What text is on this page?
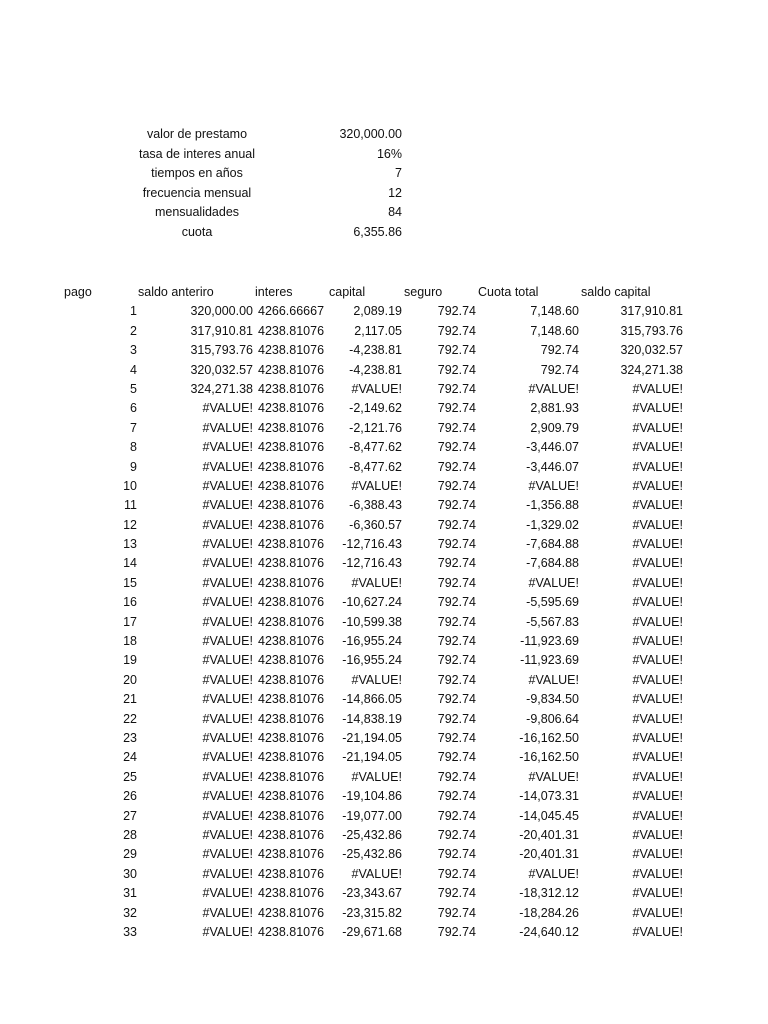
valor de prestamo	320,000.00
tasa de interes anual	16%
tiempos en años	7
frecuencia mensual	12
mensualidades	84
cuota	6,355.86
pago	saldo anteriro	interes	capital	seguro	Cuota total	saldo capital
1	320,000.00 4266.66667	2,089.19	792.74	7,148.60	317,910.81
2	317,910.81 4238.81076	2,117.05	792.74	7,148.60	315,793.76
3	315,793.76 4238.81076	-4,238.81	792.74	792.74	320,032.57
4	320,032.57 4238.81076	-4,238.81	792.74	792.74	324,271.38
5	324,271.38 4238.81076	#VALUE!	792.74	#VALUE!	#VALUE!
6	#VALUE! 4238.81076	-2,149.62	792.74	2,881.93	#VALUE!
7	#VALUE! 4238.81076	-2,121.76	792.74	2,909.79	#VALUE!
8	#VALUE! 4238.81076	-8,477.62	792.74	-3,446.07	#VALUE!
9	#VALUE! 4238.81076	-8,477.62	792.74	-3,446.07	#VALUE!
10	#VALUE! 4238.81076	#VALUE!	792.74	#VALUE!	#VALUE!
11	#VALUE! 4238.81076	-6,388.43	792.74	-1,356.88	#VALUE!
12	#VALUE! 4238.81076	-6,360.57	792.74	-1,329.02	#VALUE!
13	#VALUE! 4238.81076	-12,716.43	792.74	-7,684.88	#VALUE!
14	#VALUE! 4238.81076	-12,716.43	792.74	-7,684.88	#VALUE!
15	#VALUE! 4238.81076	#VALUE!	792.74	#VALUE!	#VALUE!
16	#VALUE! 4238.81076	-10,627.24	792.74	-5,595.69	#VALUE!
17	#VALUE! 4238.81076	-10,599.38	792.74	-5,567.83	#VALUE!
18	#VALUE! 4238.81076	-16,955.24	792.74	-11,923.69	#VALUE!
19	#VALUE! 4238.81076	-16,955.24	792.74	-11,923.69	#VALUE!
20	#VALUE! 4238.81076	#VALUE!	792.74	#VALUE!	#VALUE!
21	#VALUE! 4238.81076	-14,866.05	792.74	-9,834.50	#VALUE!
22	#VALUE! 4238.81076	-14,838.19	792.74	-9,806.64	#VALUE!
23	#VALUE! 4238.81076	-21,194.05	792.74	-16,162.50	#VALUE!
24	#VALUE! 4238.81076	-21,194.05	792.74	-16,162.50	#VALUE!
25	#VALUE! 4238.81076	#VALUE!	792.74	#VALUE!	#VALUE!
26	#VALUE! 4238.81076	-19,104.86	792.74	-14,073.31	#VALUE!
27	#VALUE! 4238.81076	-19,077.00	792.74	-14,045.45	#VALUE!
28	#VALUE! 4238.81076	-25,432.86	792.74	-20,401.31	#VALUE!
29	#VALUE! 4238.81076	-25,432.86	792.74	-20,401.31	#VALUE!
30	#VALUE! 4238.81076	#VALUE!	792.74	#VALUE!	#VALUE!
31	#VALUE! 4238.81076	-23,343.67	792.74	-18,312.12	#VALUE!
32	#VALUE! 4238.81076	-23,315.82	792.74	-18,284.26	#VALUE!
33	#VALUE! 4238.81076	-29,671.68	792.74	-24,640.12	#VALUE!
